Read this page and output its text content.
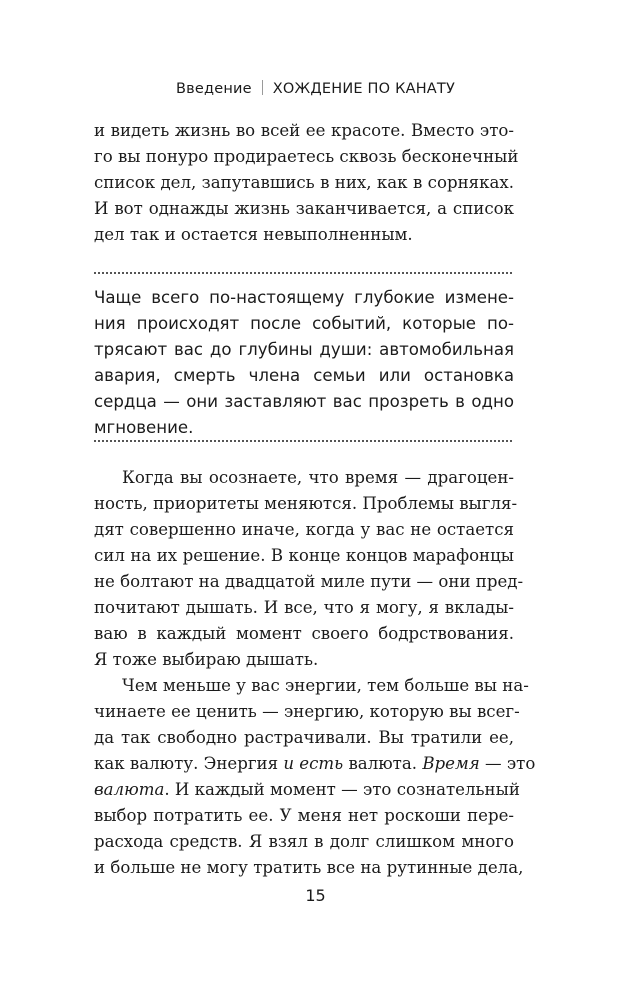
Введение ХОЖДЕНИЕ ПО КАНАТУ
и видеть жизнь во всей ее красоте. Вместо это-
го вы понуро продираетесь сквозь бесконечный
список дел, запутавшись в них, как в сорняках.
И вот однажды жизнь заканчивается, а список
дел так и остается невыполненным.
Чаще всего по-настоящему глубокие измене-
ния происходят после событий, которые по-
трясают вас до глубины души: автомобильная
авария, смерть члена семьи или остановка
сердца — они заставляют вас прозреть в одно
мгновение.
Когда вы осознаете, что время — драгоцен-
ность, приоритеты меняются. Проблемы выгля-
дят совершенно иначе, когда у вас не остается
сил на их решение. В конце концов марафонцы
не болтают на двадцатой миле пути — они пред-
почитают дышать. И все, что я могу, я вклады-
ваю в каждый момент своего бодрствования.
Я тоже выбираю дышать.
Чем меньше у вас энергии, тем больше вы на-
чинаете ее ценить — энергию, которую вы всег-
да так свободно растрачивали. Вы тратили ее,
как валюту. Энергия и есть валюта. Время — это
валюта. И каждый момент — это сознательный
выбор потратить ее. У меня нет роскоши пере-
расхода средств. Я взял в долг слишком много
и больше не могу тратить все на рутинные дела,
15
